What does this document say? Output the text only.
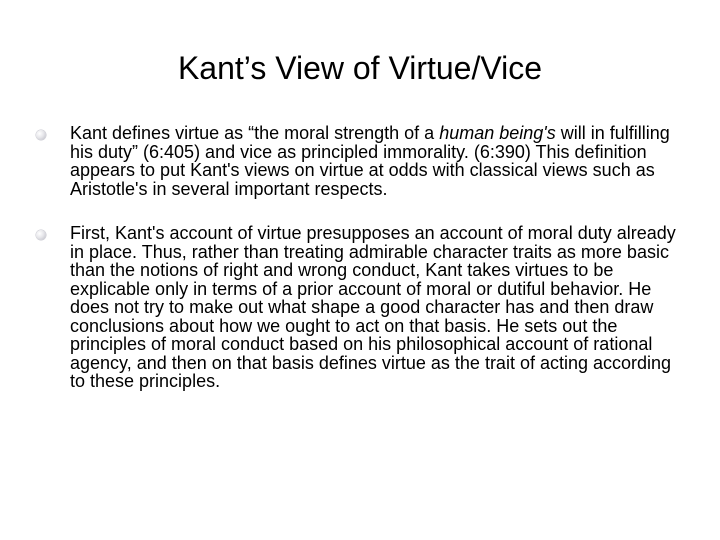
Kant’s View of Virtue/Vice
Kant defines virtue as “the moral strength of a human being's will in fulfilling his duty” (6:405) and vice as principled immorality. (6:390) This definition appears to put Kant's views on virtue at odds with classical views such as Aristotle's in several important respects.
First, Kant's account of virtue presupposes an account of moral duty already in place. Thus, rather than treating admirable character traits as more basic than the notions of right and wrong conduct, Kant takes virtues to be explicable only in terms of a prior account of moral or dutiful behavior. He does not try to make out what shape a good character has and then draw conclusions about how we ought to act on that basis. He sets out the principles of moral conduct based on his philosophical account of rational agency, and then on that basis defines virtue as the trait of acting according to these principles.
